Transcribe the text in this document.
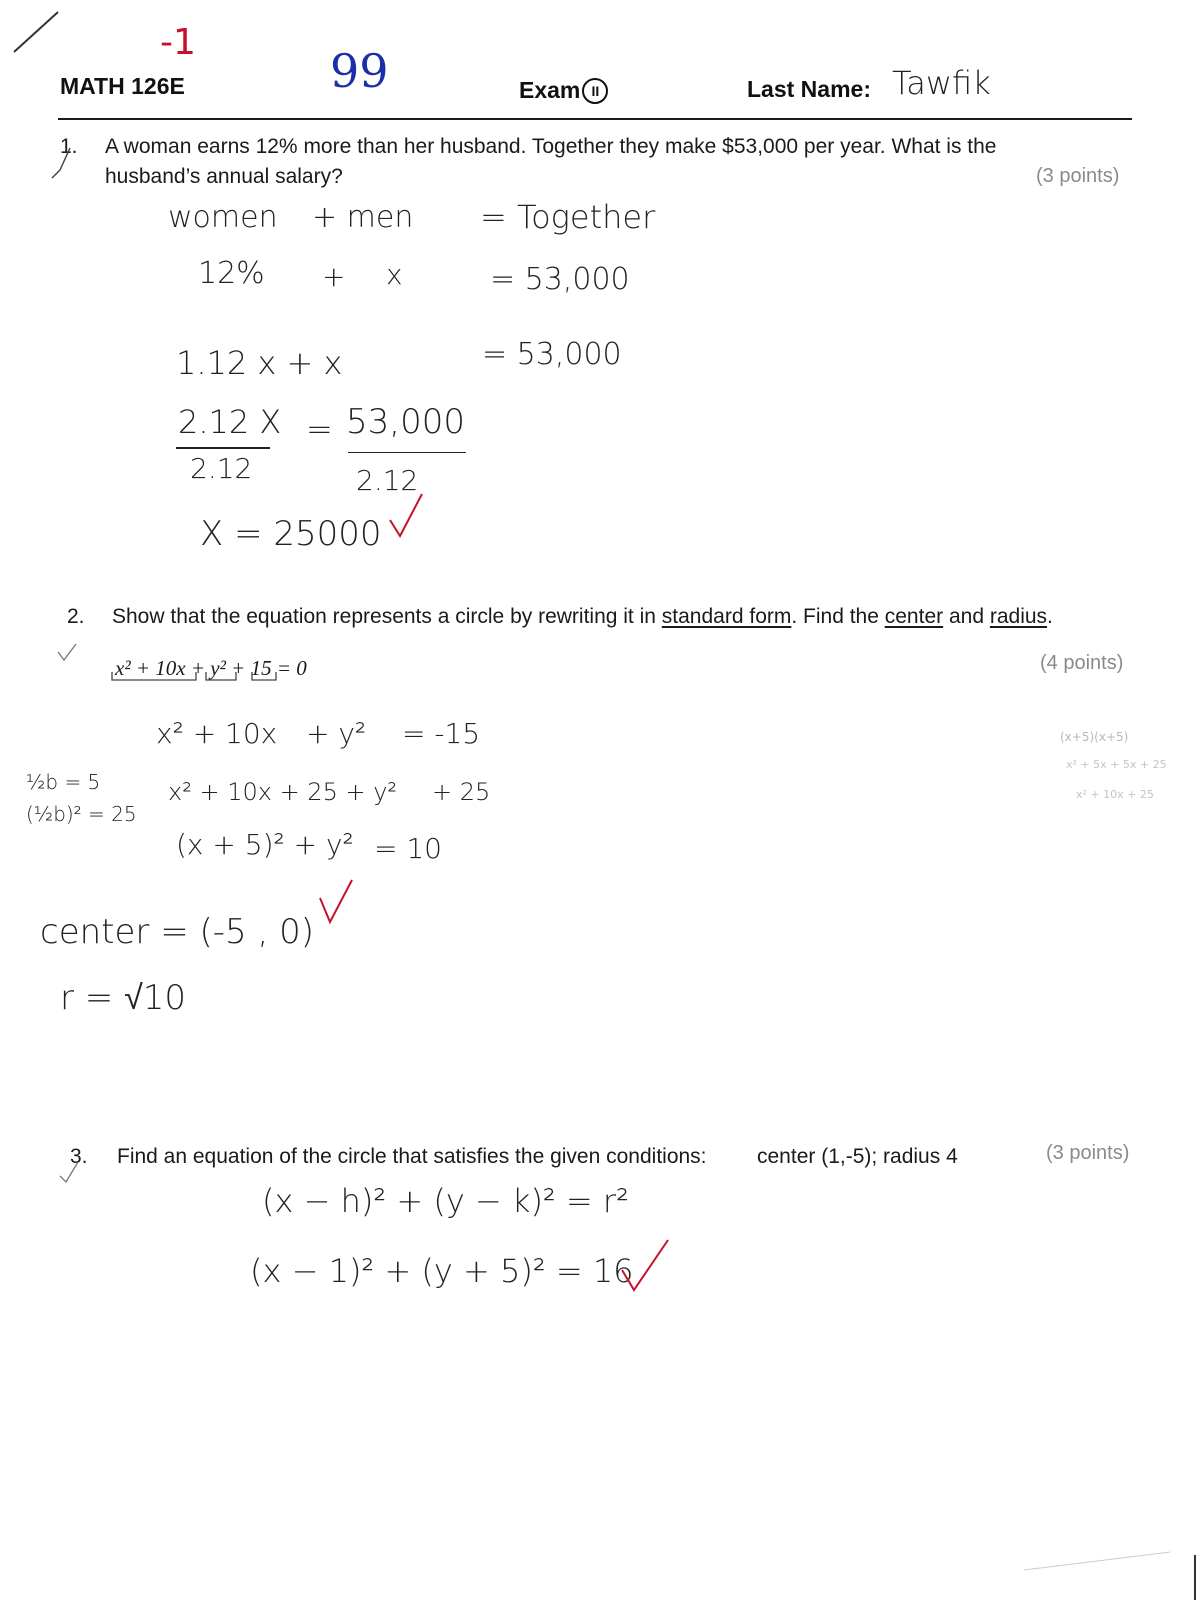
MATH 126E
-1
99	Exam II	Last Name: Tawfik
1. A woman earns 12% more than her husband. Together they make $53,000 per year. What is the
husband’s annual salary?	(3 points)
women + men = Together
12% + x	= 53,000
1.12 x + x	= 53,000
2.12 X
2.12
= 53,000
2.12
X = 25000
2. Show that the equation represents a circle by rewriting it in standard form. Find the center and radius.
x² + 10x + y² + 15 = 0	(4 points)
½b = 5
(½b)² = 25
x² + 10x + y² = -15
x² + 10x + 25 + y² + 25
(x + 5)² + y² = 10
center = (-5 , 0)
r = √10
(x+5)(x+5)
x² + 5x + 5x + 25
x² + 10x + 25
3. Find an equation of the circle that satisfies the given conditions: center (1,-5); radius 4	(3 points)
(x − h)² + (y − k)² = r²
(x − 1)² + (y + 5)² = 16
